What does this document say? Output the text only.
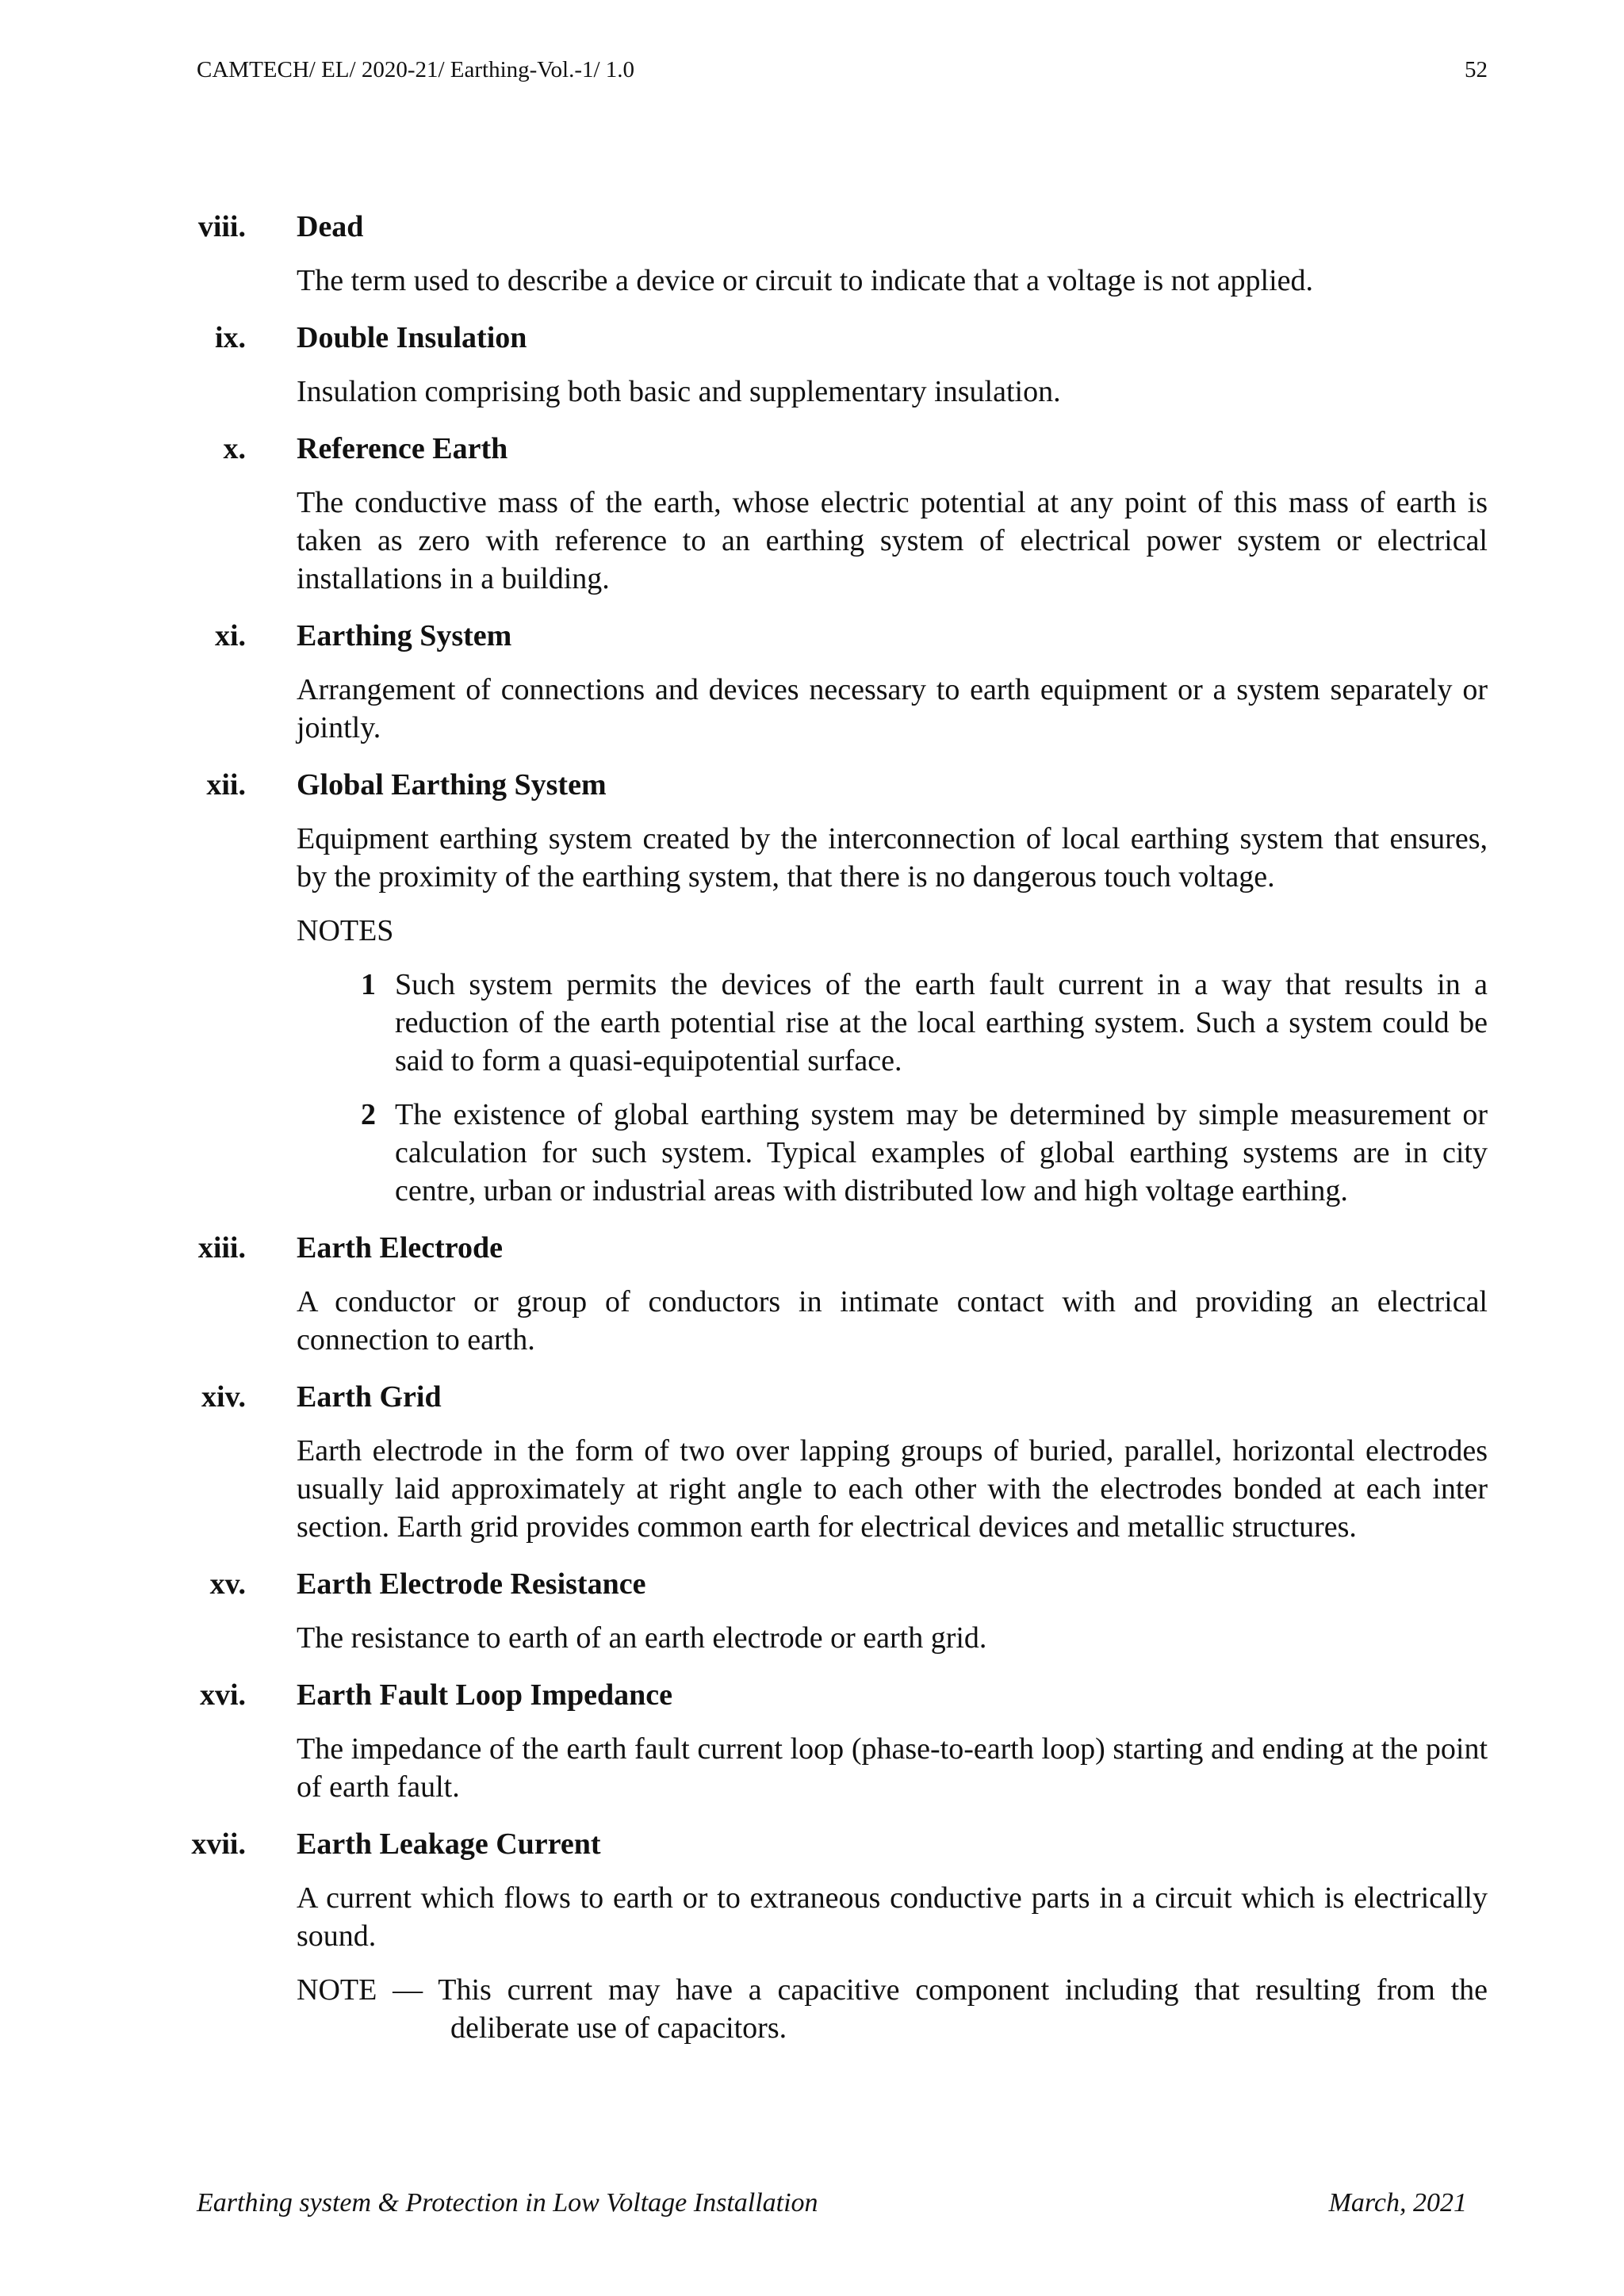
CAMTECH/ EL/ 2020-21/ Earthing-Vol.-1/ 1.0	52
viii. Dead
The term used to describe a device or circuit to indicate that a voltage is not applied.
ix. Double Insulation
Insulation comprising both basic and supplementary insulation.
x. Reference Earth
The conductive mass of the earth, whose electric potential at any point of this mass of earth is taken as zero with reference to an earthing system of electrical power system or electrical installations in a building.
xi. Earthing System
Arrangement of connections and devices necessary to earth equipment or a system separately or jointly.
xii. Global Earthing System
Equipment earthing system created by the interconnection of local earthing system that ensures, by the proximity of the earthing system, that there is no dangerous touch voltage.
NOTES
1 Such system permits the devices of the earth fault current in a way that results in a reduction of the earth potential rise at the local earthing system. Such a system could be said to form a quasi-equipotential surface.
2 The existence of global earthing system may be determined by simple measurement or calculation for such system. Typical examples of global earthing systems are in city centre, urban or industrial areas with distributed low and high voltage earthing.
xiii. Earth Electrode
A conductor or group of conductors in intimate contact with and providing an electrical connection to earth.
xiv. Earth Grid
Earth electrode in the form of two over lapping groups of buried, parallel, horizontal electrodes usually laid approximately at right angle to each other with the electrodes bonded at each inter section. Earth grid provides common earth for electrical devices and metallic structures.
xv. Earth Electrode Resistance
The resistance to earth of an earth electrode or earth grid.
xvi. Earth Fault Loop Impedance
The impedance of the earth fault current loop (phase-to-earth loop) starting and ending at the point of earth fault.
xvii. Earth Leakage Current
A current which flows to earth or to extraneous conductive parts in a circuit which is electrically sound.
NOTE — This current may have a capacitive component including that resulting from the deliberate use of capacitors.
Earthing system & Protection in Low Voltage Installation	March, 2021
